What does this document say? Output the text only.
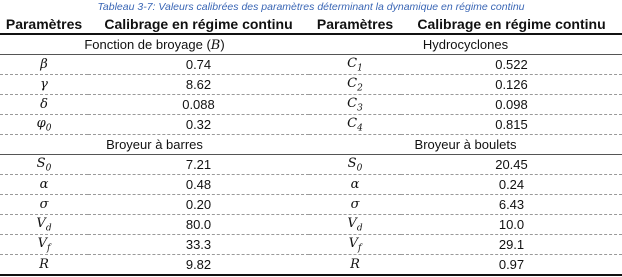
Tableau 3-7: Valeurs calibrées des paramètres déterminant la dynamique en régime continu
Paramètres	Calibrage en régime continu	Paramètres	Calibrage en régime continu
Fonction de broyage (B)		Hydrocyclones	
β	0.74	$C_1$	0.522
γ	8.62	$C_2$	0.126
δ	0.088	$C_3$	0.098
$\varphi_0$	0.32	$C_4$	0.815
Broyeur à barres		Broyeur à boulets	
$S_0$	7.21	$S_0$	20.45
α	0.48	α	0.24
σ	0.20	σ	6.43
$V_d$	80.0	$V_d$	10.0
$V_f$	33.3	$V_f$	29.1
R	9.82	R	0.97
